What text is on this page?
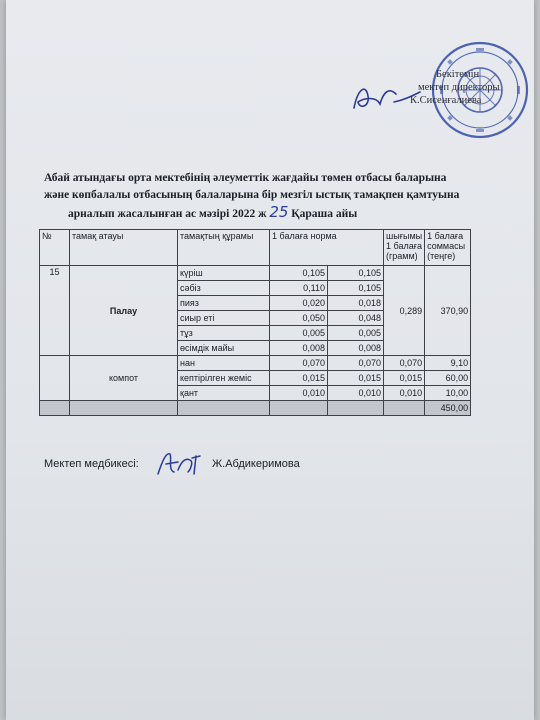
Бекітемін
мектеп директоры
К.Сисенғалиева
Абай атындағы орта мектебінің әлеуметтік жағдайы төмен отбасы баларына
және көпбалалы отбасының балаларына бір мезгіл ыстық тамақпен қамтуына
арналып жасалынған ас мәзірі 2022 ж 25 Қараша айы
№	тамақ атауы	тамақтың құрамы	1 балаға норма		шығымы 1 балаға (грамм)	1 балаға соммасы (теңге)
15	Палау	күріш	0,105	0,105	0,289	370,90
		сәбіз	0,110	0,105		
		пияз	0,020	0,018		
		сиыр еті	0,050	0,048		
		тұз	0,005	0,005		
		өсімдік майы	0,008	0,008		
	компот	нан	0,070	0,070	0,070	9,10
		кептірілген жеміс	0,015	0,015	0,015	60,00
		қант	0,010	0,010	0,010	10,00
						450,00
Мектеп медбикесі:	Ж.Абдикеримова
